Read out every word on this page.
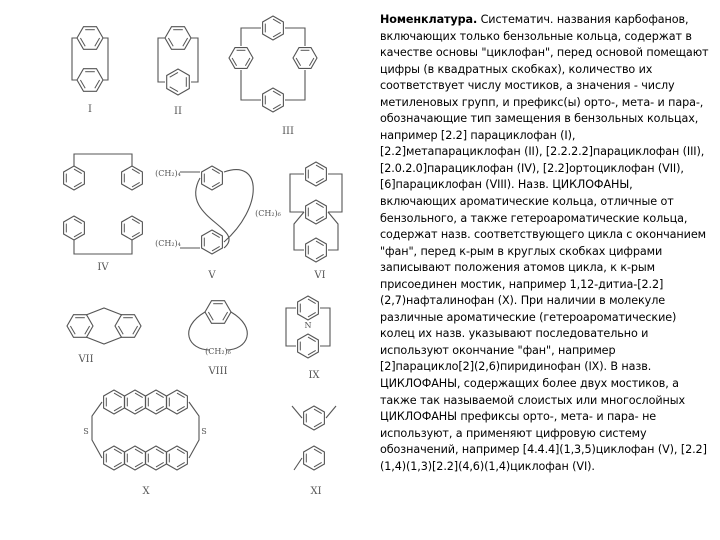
I	II
III
IV
(CH₂)₄
(CH₂)₄
(CH₂)₆
V	VI
VII
(CH₂)₆
VIII
N
IX
S	S
X	XI

Номенклатура. Систематич. названия карбофанов, включающих только бензольные кольца, содержат в качестве основы "циклофан", перед основой помещают цифры (в квадратных скобках), количество их соответствует числу мостиков, а значения - числу метиленовых групп, и префикс(ы) орто-, мета- и пара-, обозначающие тип замещения в бензольных кольцах, например [2.2] парациклофан (I), [2.2]метапарациклофан (II), [2.2.2.2]парациклофан (III), [2.0.2.0]парациклофан (IV), [2.2]ортоциклофан (VII), [6]парациклофан (VIII). Назв. ЦИКЛОФАНЫ, включающих ароматические кольца, отличные от бензольного, а также гетероароматические кольца, содержат назв. соответствующего цикла с окончанием "фан", перед к-рым в круглых скобках цифрами записывают положения атомов цикла, к к-рым присоединен мостик, например 1,12-дитиа-[2.2](2,7)нафталинофан (X). При наличии в молекуле различные ароматические (гетероароматические) колец их назв. указывают последовательно и используют окончание "фан", например [2]парацикло[2](2,6)пиридинофан (IX). В назв. ЦИКЛОФАНЫ, содержащих более двух мостиков, а также так называемой слоистых или многослойных ЦИКЛОФАНЫ префиксы орто-, мета- и пара- не используют, а применяют цифровую систему обозначений, например [4.4.4](1,3,5)циклофан (V), [2.2](1,4)(1,3)[2.2](4,6)(1,4)циклофан (VI).
